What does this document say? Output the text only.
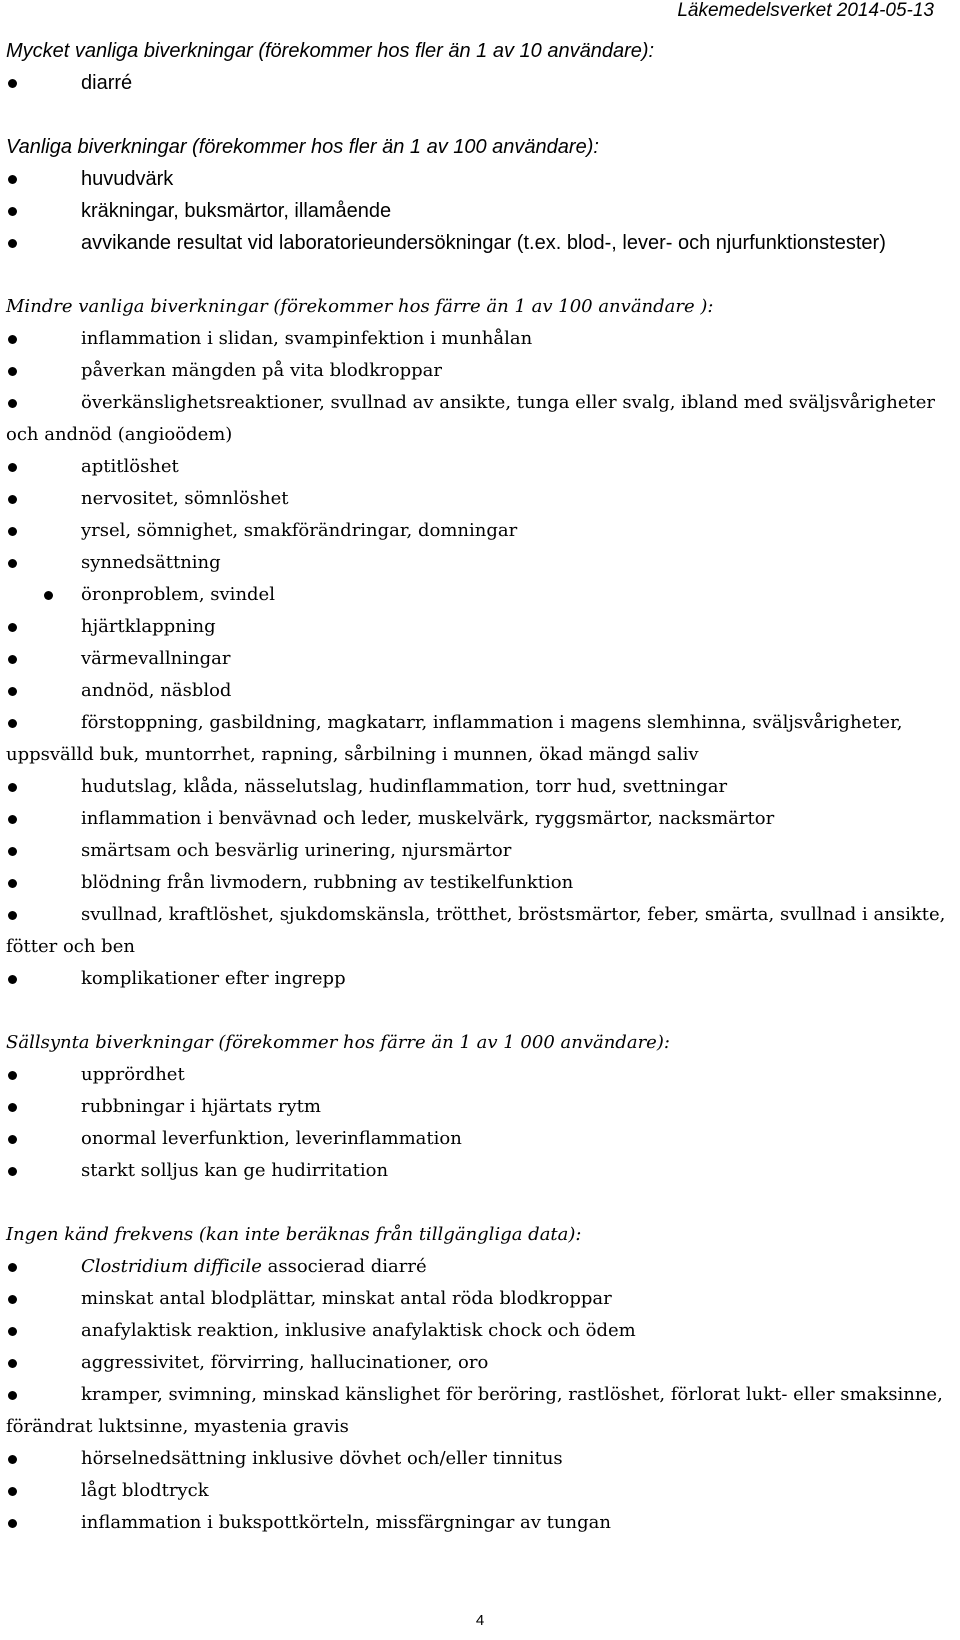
Läkemedelsverket 2014-05-13

Mycket vanliga biverkningar (förekommer hos fler än 1 av 10 användare):

diarré

Vanliga biverkningar (förekommer hos fler än 1 av 100 användare):

huvudvärk

kräkningar, buksmärtor, illamående

avvikande resultat vid laboratorieundersökningar (t.ex. blod-, lever- och njurfunktionstester)

Mindre vanliga biverkningar (förekommer hos färre än 1 av 100 användare ):

inflammation i slidan, svampinfektion i munhålan

påverkan mängden på vita blodkroppar

överkänslighetsreaktioner, svullnad av ansikte, tunga eller svalg, ibland med sväljsvårigheter och andnöd (angioödem)

aptitlöshet

nervositet, sömnlöshet

yrsel, sömnighet, smakförändringar, domningar

synnedsättning

öronproblem, svindel

hjärtklappning

värmevallningar

andnöd, näsblod

förstoppning, gasbildning, magkatarr, inflammation i magens slemhinna, sväljsvårigheter, uppsvälld buk, muntorrhet, rapning, sårbilning i munnen, ökad mängd saliv

hudutslag, klåda, nässelutslag, hudinflammation, torr hud, svettningar

inflammation i benvävnad och leder, muskelvärk, ryggsmärtor, nacksmärtor

smärtsam och besvärlig urinering, njursmärtor

blödning från livmodern, rubbning av testikelfunktion

svullnad, kraftlöshet, sjukdomskänsla, trötthet, bröstsmärtor, feber, smärta, svullnad i ansikte, fötter och ben

komplikationer efter ingrepp

Sällsynta biverkningar (förekommer hos färre än 1 av 1 000 användare):

upprördhet

rubbningar i hjärtats rytm

onormal leverfunktion, leverinflammation

starkt solljus kan ge hudirritation

Ingen känd frekvens (kan inte beräknas från tillgängliga data):

Clostridium difficile associerad diarré

minskat antal blodplättar, minskat antal röda blodkroppar

anafylaktisk reaktion, inklusive anafylaktisk chock och ödem

aggressivitet, förvirring, hallucinationer, oro

kramper, svimning, minskad känslighet för beröring, rastlöshet, förlorat lukt- eller smaksinne, förändrat luktsinne, myastenia gravis

hörselnedsättning inklusive dövhet och/eller tinnitus

lågt blodtryck

inflammation i bukspottkörteln, missfärgningar av tungan

4
